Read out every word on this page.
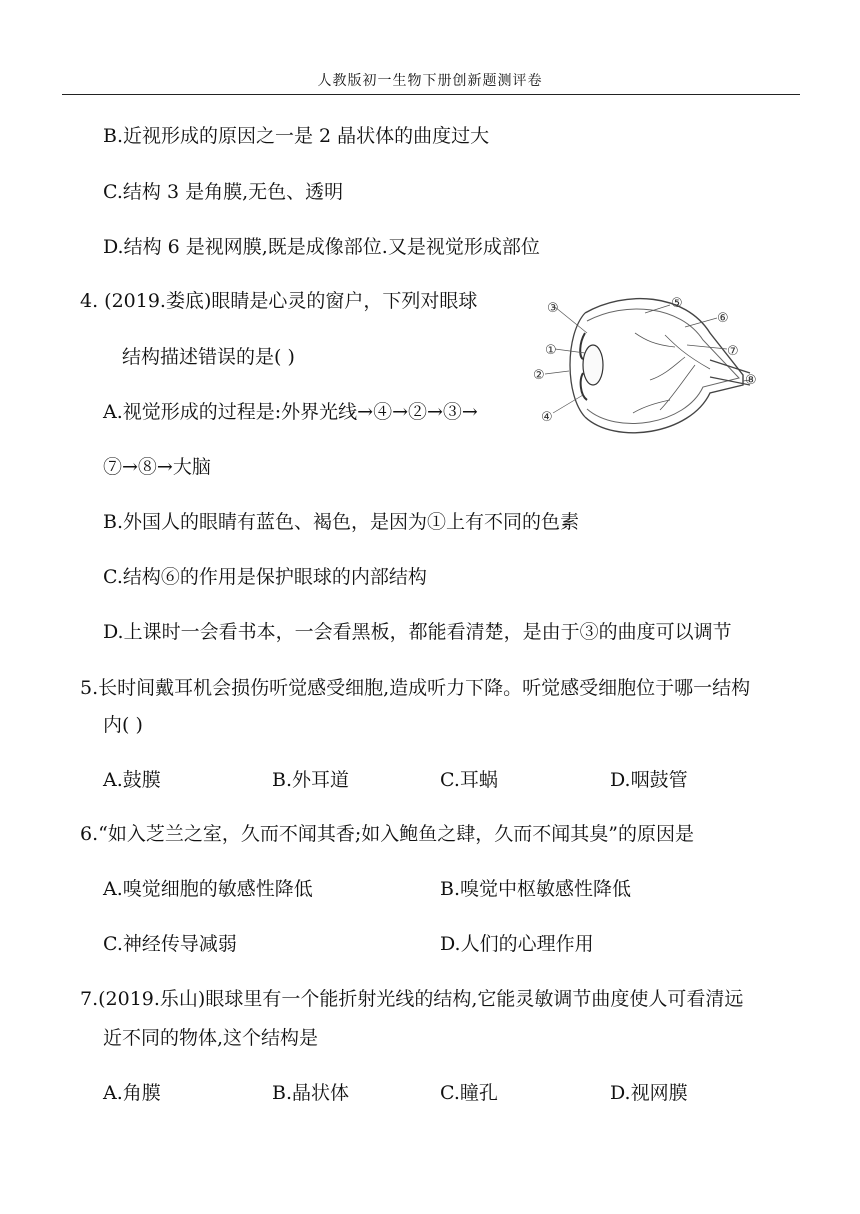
人教版初一生物下册创新题测评卷
B.近视形成的原因之一是 2 晶状体的曲度过大
C.结构 3 是角膜,无色、透明
D.结构 6 是视网膜,既是成像部位.又是视觉形成部位
4. (2019.娄底)眼睛是心灵的窗户，下列对眼球
结构描述错误的是( )
A.视觉形成的过程是:外界光线→④→②→③→
⑦→⑧→大脑
B.外国人的眼睛有蓝色、褐色，是因为①上有不同的色素
C.结构⑥的作用是保护眼球的内部结构
D.上课时一会看书本，一会看黑板，都能看清楚，是由于③的曲度可以调节
③
①
②
④
⑤
⑥
⑦
⑧
5.长时间戴耳机会损伤听觉感受细胞,造成听力下降。听觉感受细胞位于哪一结构
内( )
A.鼓膜	B.外耳道	C.耳蜗	D.咽鼓管
6.“如入芝兰之室，久而不闻其香;如入鲍鱼之肆，久而不闻其臭”的原因是
A.嗅觉细胞的敏感性降低	B.嗅觉中枢敏感性降低
C.神经传导减弱	D.人们的心理作用
7.(2019.乐山)眼球里有一个能折射光线的结构,它能灵敏调节曲度使人可看清远
近不同的物体,这个结构是
A.角膜	B.晶状体	C.瞳孔	D.视网膜
